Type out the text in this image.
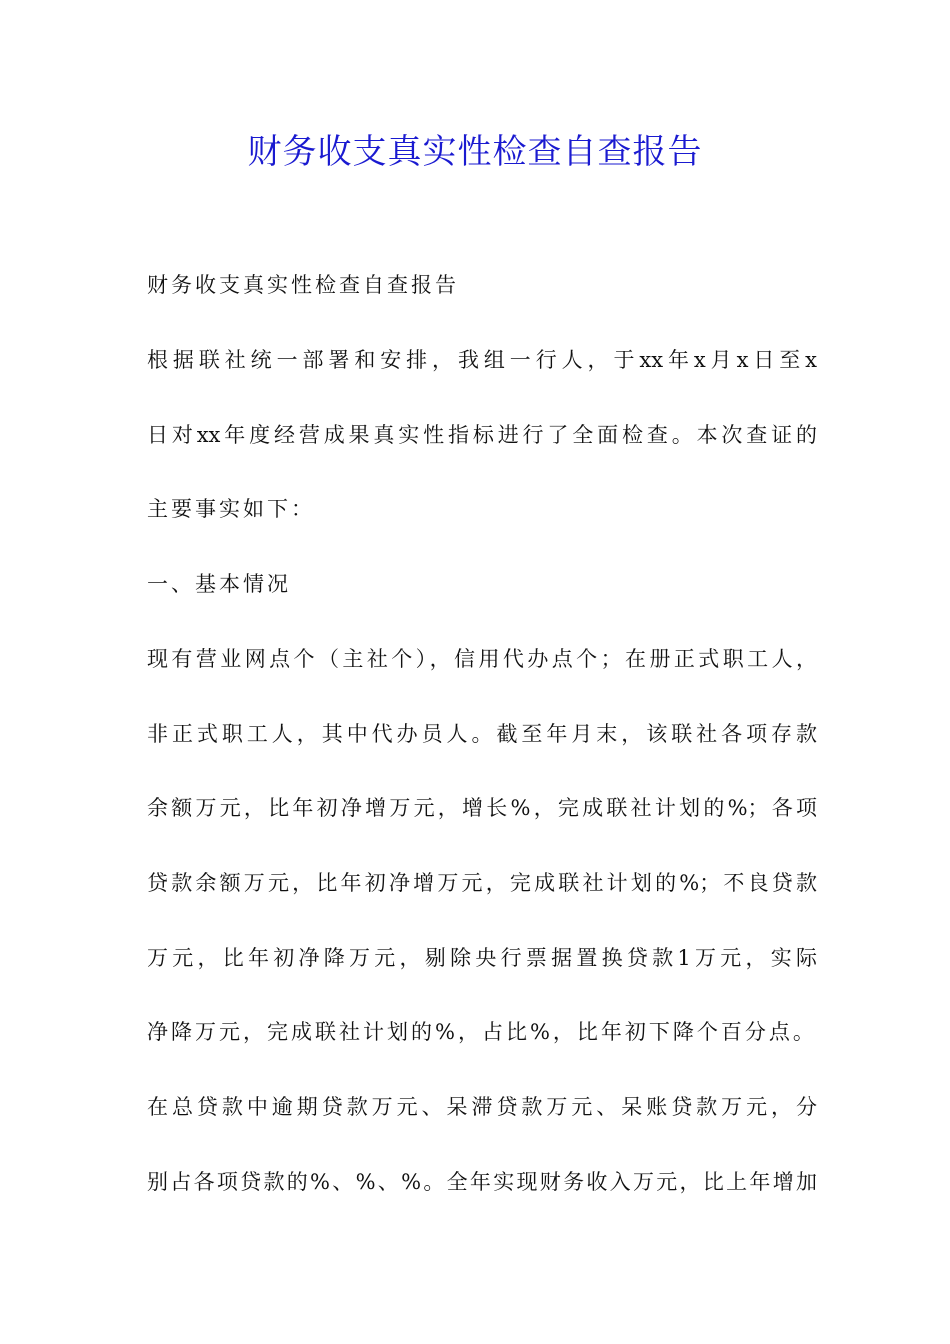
财务收支真实性检查自查报告
财务收支真实性检查自查报告
根据联社统一部署和安排，我组一行人，于xx年x月x日至x
日对xx年度经营成果真实性指标进行了全面检查。本次查证的
主要事实如下：
一、基本情况
现有营业网点个（主社个），信用代办点个；在册正式职工人，
非正式职工人，其中代办员人。截至年月末，该联社各项存款
余额万元，比年初净增万元，增长%，完成联社计划的%；各项
贷款余额万元，比年初净增万元，完成联社计划的%；不良贷款
万元，比年初净降万元，剔除央行票据置换贷款1万元，实际
净降万元，完成联社计划的%，占比%，比年初下降个百分点。
在总贷款中逾期贷款万元、呆滞贷款万元、呆账贷款万元，分
别占各项贷款的%、%、%。全年实现财务收入万元，比上年增加
